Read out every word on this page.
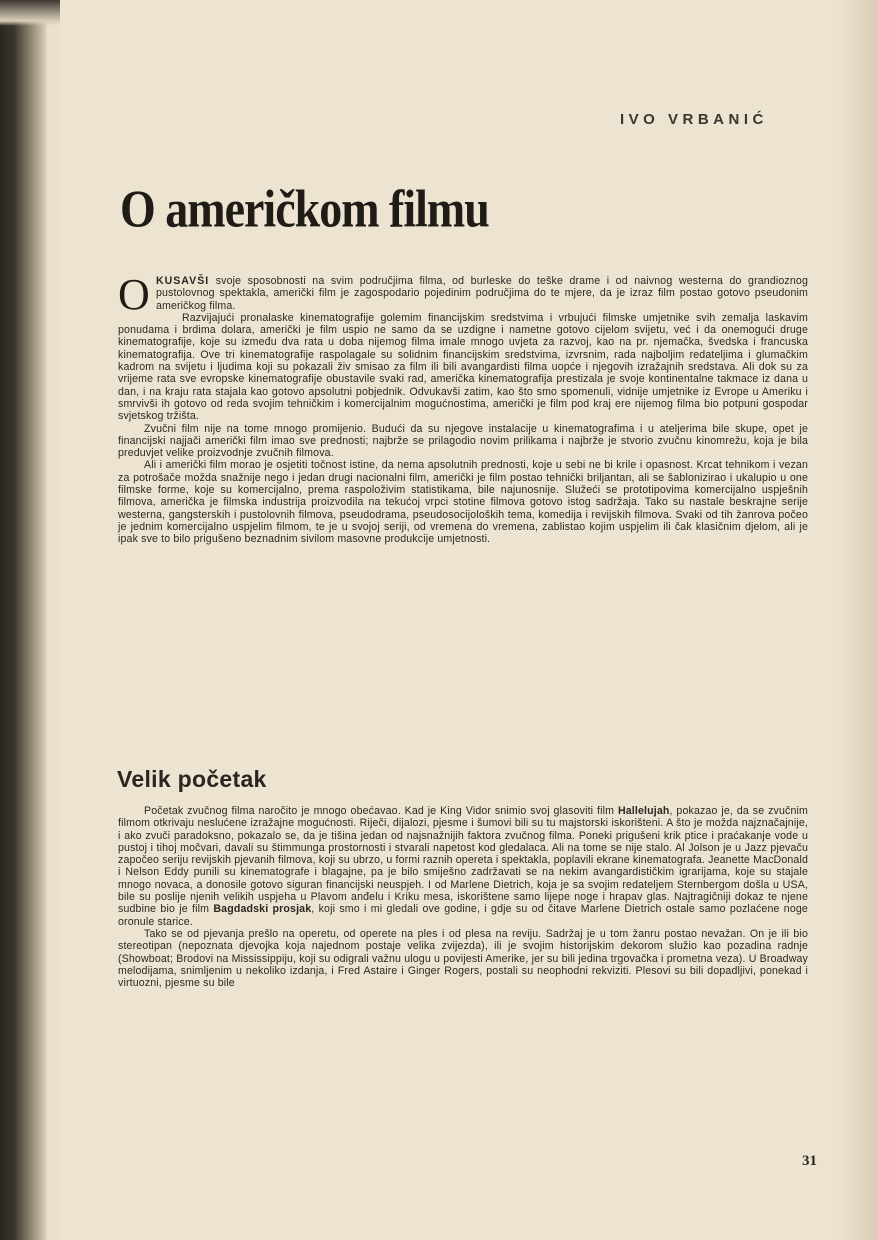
IVO VRBANIĆ
O američkom filmu

OKUSAVŠI svoje sposobnosti na svim područjima filma, od burleske do teške drame i od naivnog westerna do grandioznog pustolovnog spektakla, američki film je zagospodario pojedinim područjima do te mjere, da je izraz film postao gotovo pseudonim američkog filma.

Razvijajući pronalaske kinematografije golemim financijskim sredstvima i vrbujući filmske umjetnike svih zemalja laskavim ponudama i brdima dolara, američki je film uspio ne samo da se uzdigne i nametne gotovo cijelom svijetu, već i da onemogući druge kinematografije, koje su između dva rata u doba nijemog filma imale mnogo uvjeta za razvoj, kao na pr. njemačka, švedska i francuska kinematografija. Ove tri kinematografije raspolagale su solidnim financijskim sredstvima, izvrsnim, rada najboljim redateljima i glumačkim kadrom na svijetu i ljudima koji su pokazali živ smisao za film ili bili avangardisti filma uopće i njegovih izražajnih sredstava. Ali dok su za vrijeme rata sve evropske kinematografije obustavile svaki rad, američka kinematografija prestizala je svoje kontinentalne takmace iz dana u dan, i na kraju rata stajala kao gotovo apsolutni pobjednik. Odvukavši zatim, kao što smo spomenuli, vidnije umjetnike iz Evrope u Ameriku i smrvivši ih gotovo od reda svojim tehničkim i komercijalnim mogućnostima, američki je film pod kraj ere nijemog filma bio potpuni gospodar svjetskog tržišta.

Zvučni film nije na tome mnogo promijenio. Budući da su njegove instalacije u kinematografima i u ateljerima bile skupe, opet je financijski najjači američki film imao sve prednosti; najbrže se prilagodio novim prilikama i najbrže je stvorio zvučnu kinomrežu, koja je bila preduvjet velike proizvodnje zvučnih filmova.

Ali i američki film morao je osjetiti točnost istine, da nema apsolutnih prednosti, koje u sebi ne bi krile i opasnost. Krcat tehnikom i vezan za potrošače možda snažnije nego i jedan drugi nacionalni film, američki je film postao tehnički briljantan, ali se šablonizirao i ukalupio u one filmske forme, koje su komercijalno, prema raspoloživim statistikama, bile najunosnije. Služeći se prototipovima komercijalno uspješnih filmova, američka je filmska industrija proizvodila na tekućoj vrpci stotine filmova gotovo istog sadržaja. Tako su nastale beskrajne serije westerna, gangsterskih i pustolovnih filmova, pseudodrama, pseudosocijoloških tema, komedija i revijskih filmova. Svaki od tih žanrova počeo je jednim komercijalno uspjelim filmom, te je u svojoj seriji, od vremena do vremena, zablistao kojim uspjelim ili čak klasičnim djelom, ali je ipak sve to bilo prigušeno beznadnim sivilom masovne produkcije umjetnosti.

Velik početak

Početak zvučnog filma naročito je mnogo obećavao. Kad je King Vidor snimio svoj glasoviti film Hallelujah, pokazao je, da se zvučnim filmom otkrivaju neslućene izražajne mogućnosti. Riječi, dijalozi, pjesme i šumovi bili su tu majstorski iskorišteni. A što je možda najznačajnije, i ako zvuči paradoksno, pokazalo se, da je tišina jedan od najsnažnijih faktora zvučnog filma. Poneki prigušeni krik ptice i praćakanje vode u pustoj i tihoj močvari, davali su štimmunga prostornosti i stvarali napetost kod gledalaca. Ali na tome se nije stalo. Al Jolson je u Jazz pjevaču započeo seriju revijskih pjevanih filmova, koji su ubrzo, u formi raznih opereta i spektakla, poplavili ekrane kinematografa. Jeanette MacDonald i Nelson Eddy punili su kinematografe i blagajne, pa je bilo smiješno zadržavati se na nekim avangardističkim igrarijama, koje su stajale mnogo novaca, a donosile gotovo siguran financijski neuspjeh. I od Marlene Dietrich, koja je sa svojim redateljem Sternbergom došla u USA, bile su poslije njenih velikih uspjeha u Plavom anđelu i Kriku mesa, iskorištene samo lijepe noge i hrapav glas. Najtragičniji dokaz te njene sudbine bio je film Bagdadski prosjak, koji smo i mi gledali ove godine, i gdje su od čitave Marlene Dietrich ostale samo pozlaćene noge oronule starice.

Tako se od pjevanja prešlo na operetu, od operete na ples i od plesa na reviju. Sadržaj je u tom žanru postao nevažan. On je ili bio stereotipan (nepoznata djevojka koja najednom postaje velika zvijezda), ili je svojim historijskim dekorom služio kao pozadina radnje (Showboat; Brodovi na Mississippiju, koji su odigrali važnu ulogu u povijesti Amerike, jer su bili jedina trgovačka i prometna veza). U Broadway melodijama, snimljenim u nekoliko izdanja, i Fred Astaire i Ginger Rogers, postali su neophodni rekviziti. Plesovi su bili dopadljivi, ponekad i virtuozni, pjesme su bile

31
